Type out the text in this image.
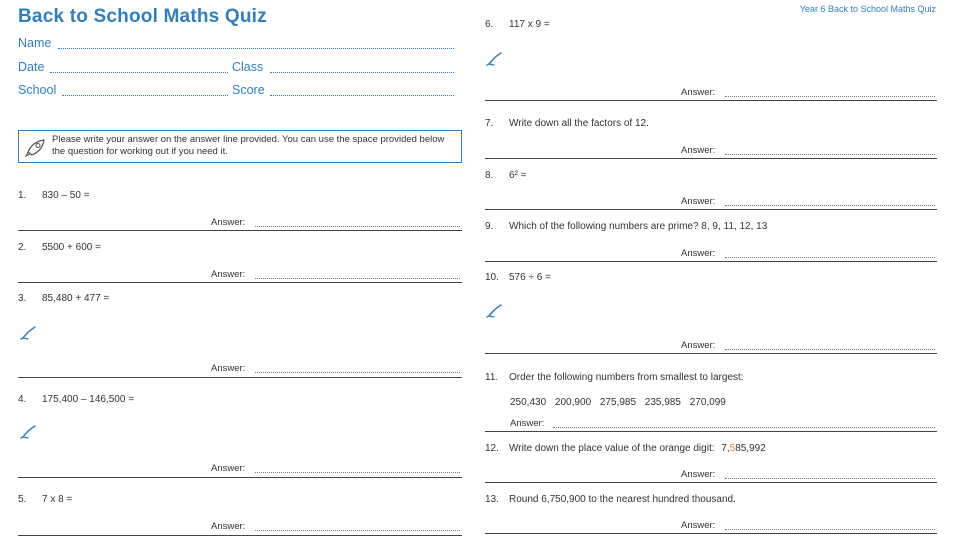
Back to School Maths Quiz
Name
Date	Class
School	Score
Please write your answer on the answer line provided. You can use the space provided below the question for working out if you need it.
1. 830 – 50 =
Answer:
2. 5500 + 600 =
Answer:
3. 85,480 + 477 =
Answer:
4. 175,400 – 146,500 =
Answer:
5. 7 x 8 =
Answer:
Year 6 Back to School Maths Quiz
6. 117 x 9 =
Answer:
7. Write down all the factors of 12.
Answer:
8. 6² =
Answer:
9. Which of the following numbers are prime? 8, 9, 11, 12, 13
Answer:
10. 576 ÷ 6 =
Answer:
11. Order the following numbers from smallest to largest:
250,430 200,900 275,985 235,985 270,099
Answer:
12. Write down the place value of the orange digit: 7,585,992
Answer:
13. Round 6,750,900 to the nearest hundred thousand.
Answer:
